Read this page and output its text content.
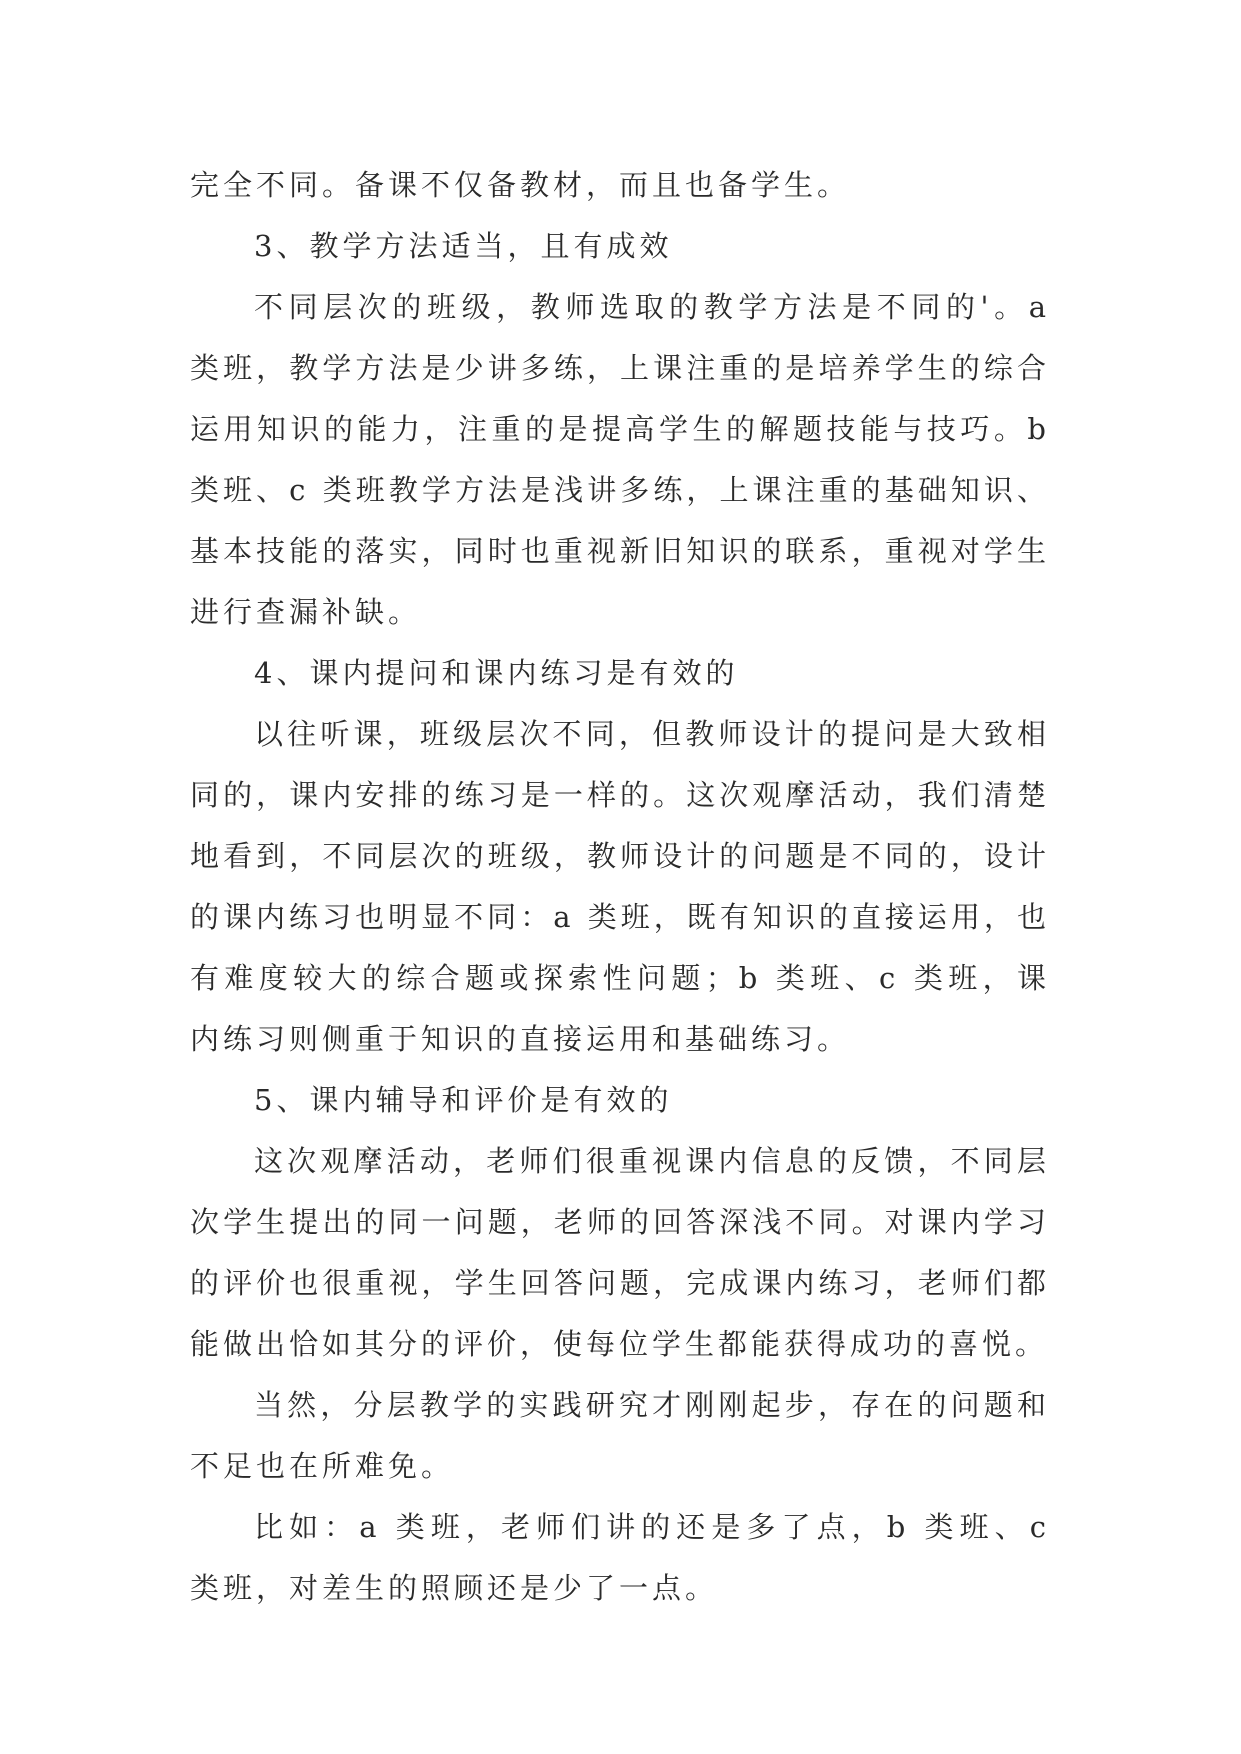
完全不同。备课不仅备教材，而且也备学生。

3、教学方法适当，且有成效

不同层次的班级，教师选取的教学方法是不同的'。a 类班，教学方法是少讲多练，上课注重的是培养学生的综合运用知识的能力，注重的是提高学生的解题技能与技巧。b 类班、c 类班教学方法是浅讲多练，上课注重的基础知识、基本技能的落实，同时也重视新旧知识的联系，重视对学生进行查漏补缺。

4、课内提问和课内练习是有效的

以往听课，班级层次不同，但教师设计的提问是大致相同的，课内安排的练习是一样的。这次观摩活动，我们清楚地看到，不同层次的班级，教师设计的问题是不同的，设计的课内练习也明显不同：a 类班，既有知识的直接运用，也有难度较大的综合题或探索性问题；b 类班、c 类班，课内练习则侧重于知识的直接运用和基础练习。

5、课内辅导和评价是有效的

这次观摩活动，老师们很重视课内信息的反馈，不同层次学生提出的同一问题，老师的回答深浅不同。对课内学习的评价也很重视，学生回答问题，完成课内练习，老师们都能做出恰如其分的评价，使每位学生都能获得成功的喜悦。

当然，分层教学的实践研究才刚刚起步，存在的问题和不足也在所难免。

比如：a 类班，老师们讲的还是多了点，b 类班、c 类班，对差生的照顾还是少了一点。
